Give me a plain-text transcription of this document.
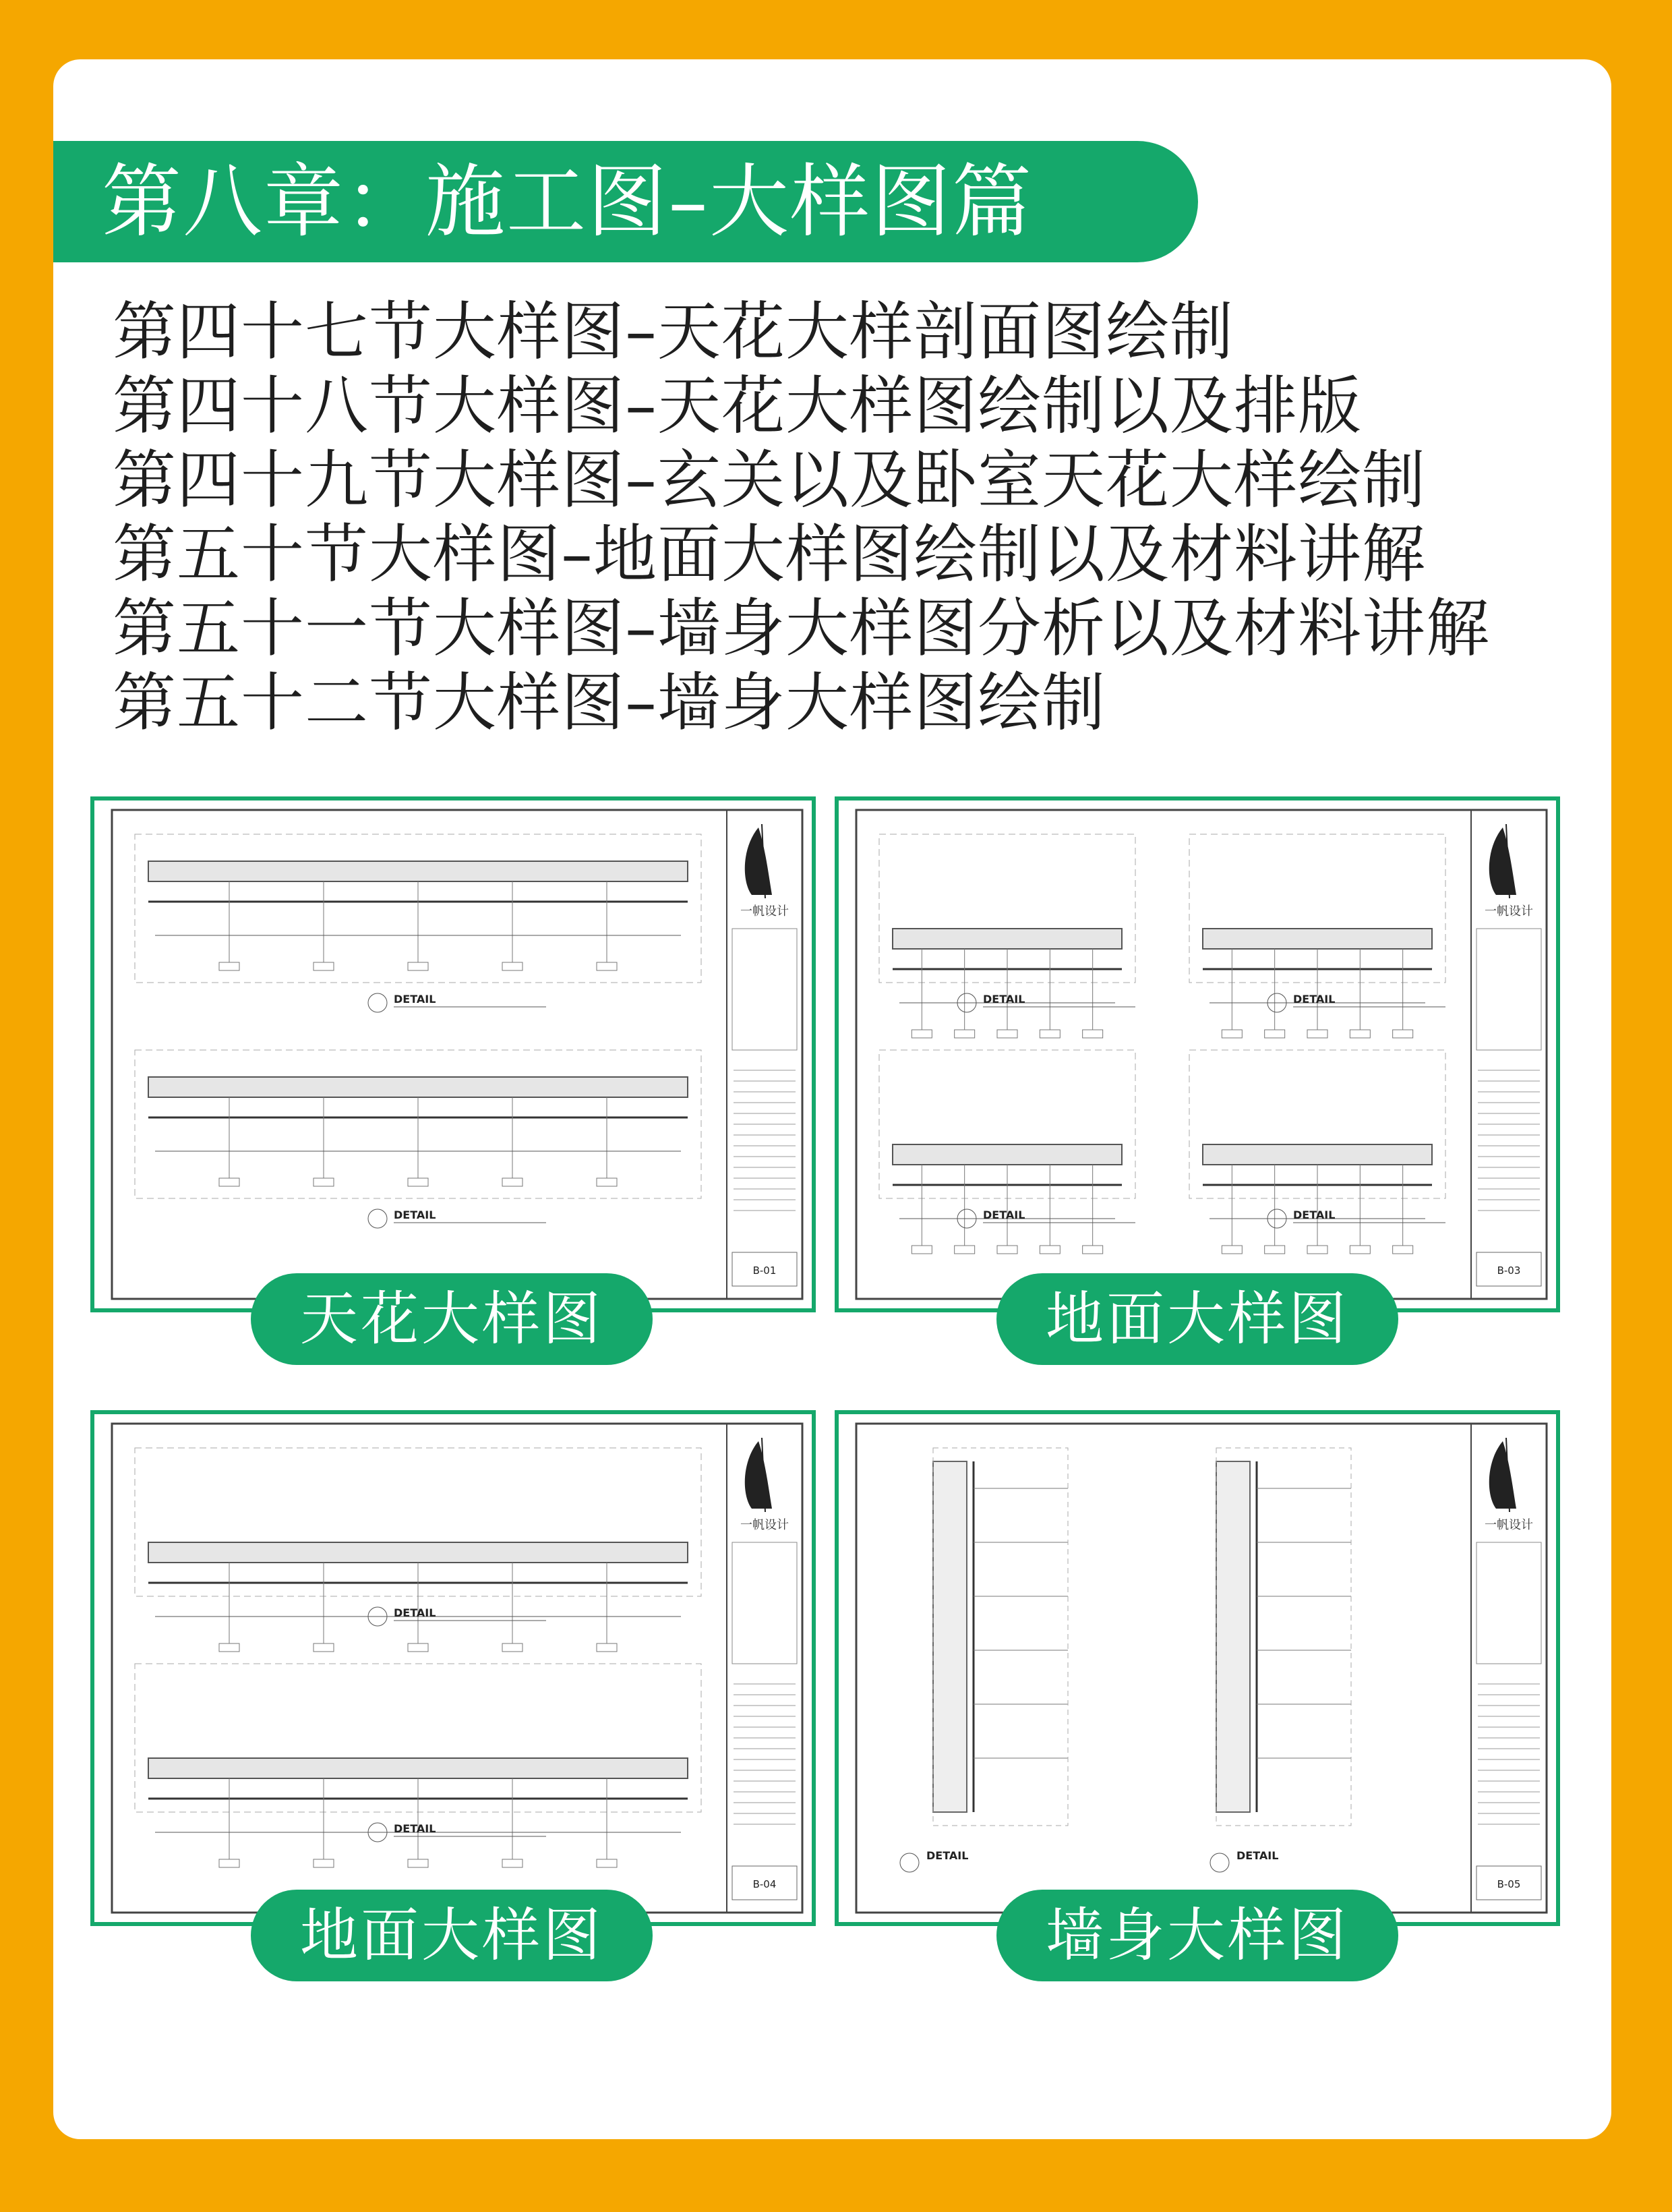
第八章：施工图–大样图篇
第四十七节大样图–天花大样剖面图绘制
第四十八节大样图–天花大样图绘制以及排版
第四十九节大样图–玄关以及卧室天花大样绘制
第五十节大样图–地面大样图绘制以及材料讲解
第五十一节大样图–墙身大样图分析以及材料讲解
第五十二节大样图–墙身大样图绘制
一帆设计
B-01
DETAIL
DETAIL
一帆设计
B-03
DETAIL	DETAIL
DETAIL	DETAIL
一帆设计
B-04
DETAIL
DETAIL
一帆设计
B-05
DETAIL	DETAIL
天花大样图	地面大样图
地面大样图	墙身大样图
